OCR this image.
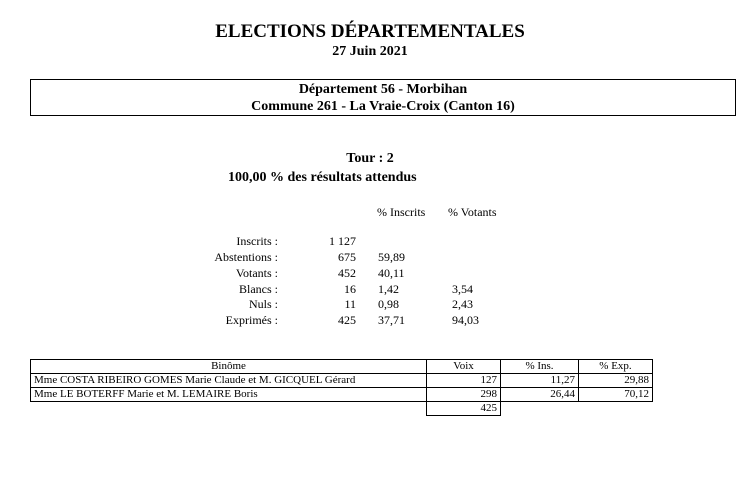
ELECTIONS DÉPARTEMENTALES
27 Juin 2021
Département 56 - Morbihan
Commune 261 - La Vraie-Croix (Canton 16)
Tour : 2
100,00 % des résultats attendus
% Inscrits % Votants
Inscrits :	1 127
Abstentions :	675 59,89
Votants :	452 40,11
Blancs :	16 1,42	3,54
Nuls :	11 0,98	2,43
Exprimés :	425 37,71	94,03
Binôme	Voix	% Ins.	% Exp.
Mme COSTA RIBEIRO GOMES Marie Claude et M. GICQUEL Gérard	127	11,27	29,88
Mme LE BOTERFF Marie et M. LEMAIRE Boris	298	26,44	70,12
	425		
